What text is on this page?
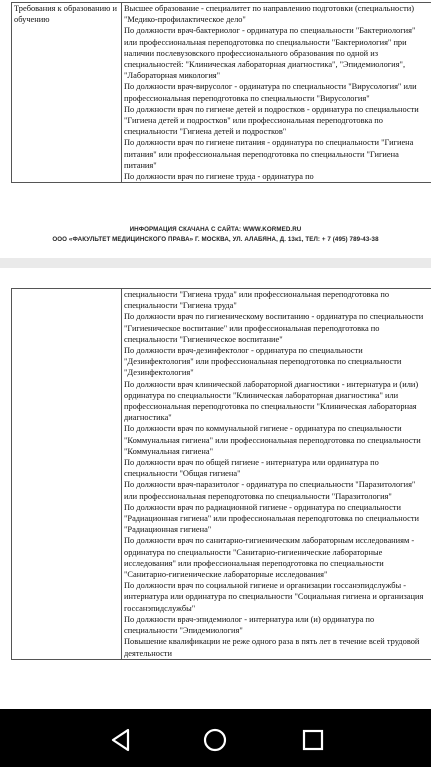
Требования к образованию и обучению	
Высшее образование - специалитет по направлению подготовки (специальности) "Медико-профилактическое дело"
По должности врач-бактериолог - ординатура по специальности "Бактериология" или профессиональная переподготовка по специальности "Бактериология" при наличии послевузовского профессионального образования по одной из специальностей: "Клиническая лабораторная диагностика", "Эпидемиология", "Лабораторная микология"
По должности врач-вирусолог - ординатура по специальности "Вирусология" или профессиональная переподготовка по специальности "Вирусология"
По должности врач по гигиене детей и подростков - ординатура по специальности "Гигиена детей и подростков" или профессиональная переподготовка по специальности "Гигиена детей и подростков"
По должности врач по гигиене питания - ординатура по специальности "Гигиена питания" или профессиональная переподготовка по специальности "Гигиена питания"
По должности врач по гигиене труда - ординатура по
ИНФОРМАЦИЯ СКАЧАНА С САЙТА: WWW.KORMED.RU
ООО «ФАКУЛЬТЕТ МЕДИЦИНСКОГО ПРАВА» Г. МОСКВА, УЛ. АЛАБЯНА, Д. 13к1, ТЕЛ: + 7 (495) 789-43-38

специальности "Гигиена труда" или профессиональная переподготовка по специальности "Гигиена труда"
По должности врач по гигиеническому воспитанию - ординатура по специальности "Гигиеническое воспитание" или профессиональная переподготовка по специальности "Гигиеническое воспитание"
По должности врач-дезинфектолог - ординатура по специальности "Дезинфектология" или профессиональная переподготовка по специальности "Дезинфектология"
По должности врач клинической лабораторной диагностики - интернатура и (или) ординатура по специальности "Клиническая лабораторная диагностика" или профессиональная переподготовка по специальности "Клиническая лабораторная диагностика"
По должности врач по коммунальной гигиене - ординатура по специальности "Коммунальная гигиена" или профессиональная переподготовка по специальности "Коммунальная гигиена"
По должности врач по общей гигиене - интернатура или ординатура по специальности "Общая гигиена"
По должности врач-паразитолог - ординатура по специальности "Паразитология" или профессиональная переподготовка по специальности "Паразитология"
По должности врач по радиационной гигиене - ординатура по специальности "Радиационная гигиена" или профессиональная переподготовка по специальности "Радиационная гигиена"
По должности врач по санитарно-гигиеническим лабораторным исследованиям - ординатура по специальности "Санитарно-гигиенические лабораторные исследования" или профессиональная переподготовка по специальности "Санитарно-гигиенические лабораторные исследования"
По должности врач по социальной гигиене и организации госсанэпидслужбы - интернатура или ординатура по специальности "Социальная гигиена и организация госсанэпидслужбы"
По должности врач-эпидемиолог - интернатура или (и) ординатура по специальности "Эпидемиология"
Повышение квалификации не реже одного раза в пять лет в течение всей трудовой деятельности
